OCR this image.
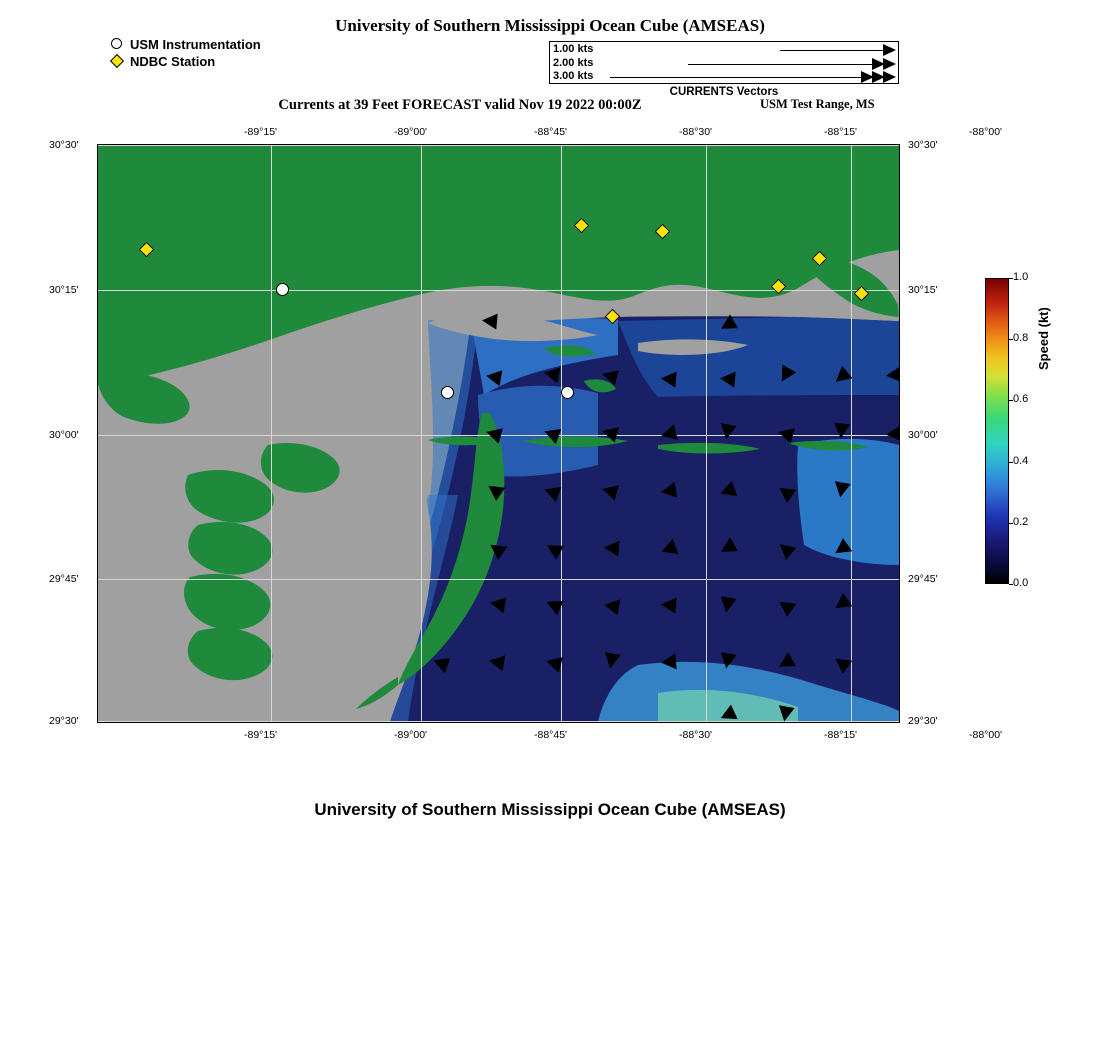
University of Southern Mississippi Ocean Cube (AMSEAS)
Currents at 39 Feet FORECAST valid Nov 19 2022 00:00Z	USM Test Range, MS
University of Southern Mississippi Ocean Cube (AMSEAS)
USM Instrumentation
NDBC Station
1.00 kts
2.00 kts
3.00 kts
CURRENTS Vectors
-89°15'	-89°00'	-88°45'	-88°30'	-88°15'	-88°00'
-89°15'	-89°00'	-88°45'	-88°30'	-88°15'	-88°00'
30°30'
30°15'
30°00'
29°45'
29°30'
30°30'
30°15'
30°00'
29°45'
29°30'
1.0
0.8
0.6
0.4
0.2
0.0
Speed (kt)
